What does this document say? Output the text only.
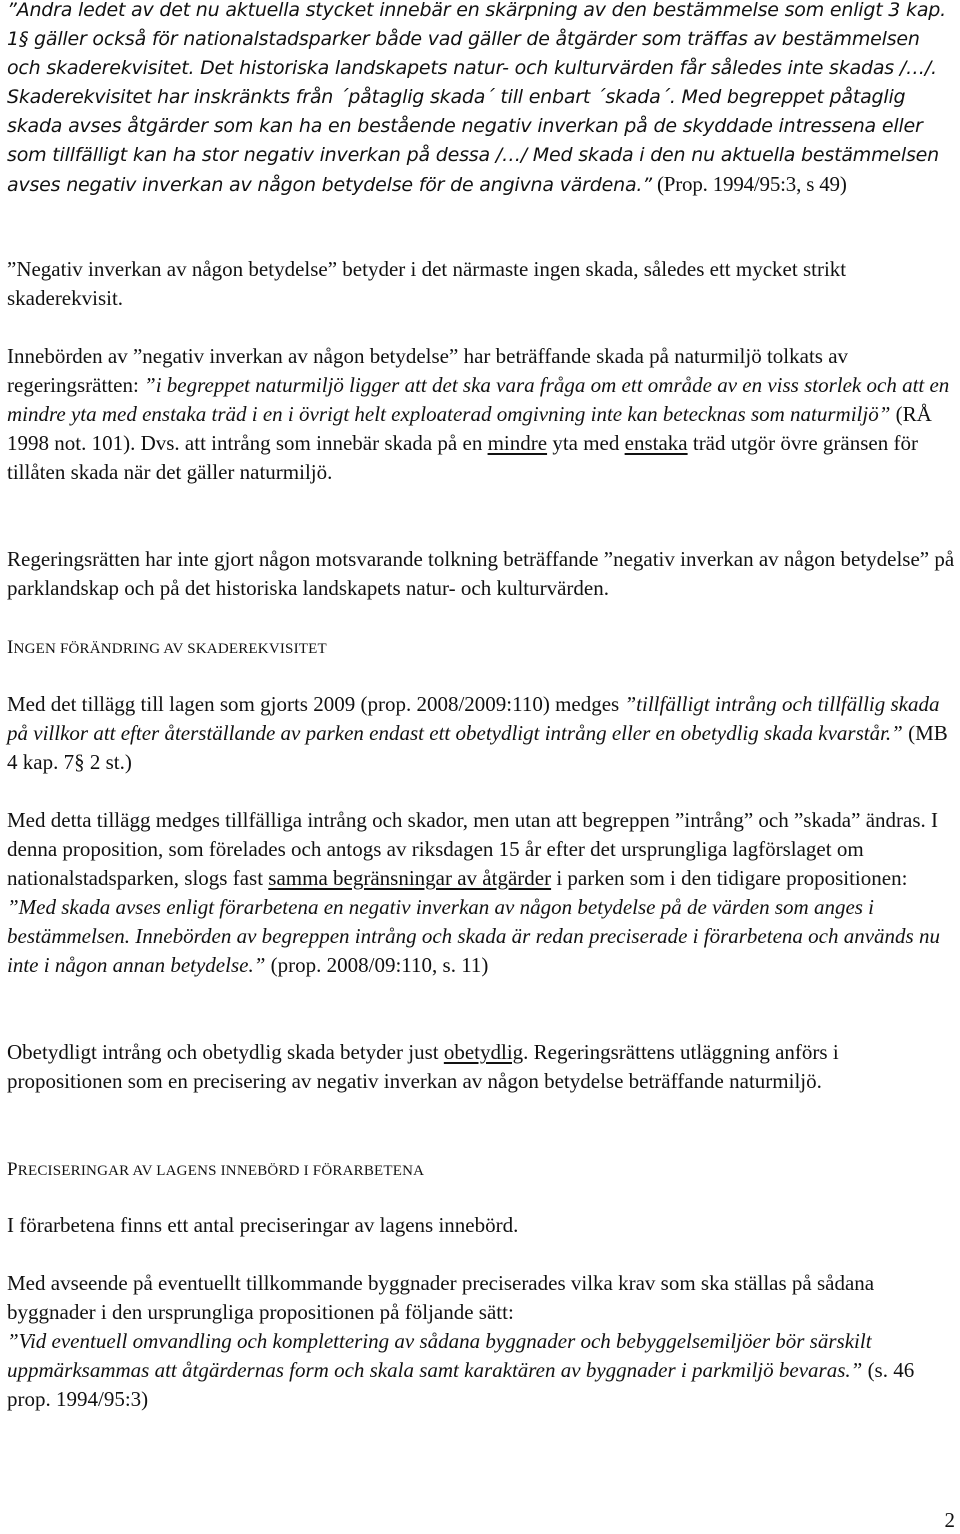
”Andra ledet av det nu aktuella stycket innebär en skärpning av den bestämmelse som enligt 3 kap. 1§ gäller också för nationalstadsparker både vad gäller de åtgärder som träffas av bestämmelsen och skaderekvisitet. Det historiska landskapets natur- och kulturvärden får således inte skadas /…/. Skaderekvisitet har inskränkts från ´påtaglig skada´ till enbart ´skada´. Med begreppet påtaglig skada avses åtgärder som kan ha en bestående negativ inverkan på de skyddade intressena eller som tillfälligt kan ha stor negativ inverkan på dessa /…/ Med skada i den nu aktuella bestämmelsen avses negativ inverkan av någon betydelse för de angivna värdena.” (Prop. 1994/95:3, s 49)

”Negativ inverkan av någon betydelse” betyder i det närmaste ingen skada, således ett mycket strikt skaderekvisit.

Innebörden av ”negativ inverkan av någon betydelse” har beträffande skada på naturmiljö tolkats av regeringsrätten: ”i begreppet naturmiljö ligger att det ska vara fråga om ett område av en viss storlek och att en mindre yta med enstaka träd i en i övrigt helt exploaterad omgivning inte kan betecknas som naturmiljö” (RÅ 1998 not. 101). Dvs. att intrång som innebär skada på en mindre yta med enstaka träd utgör övre gränsen för tillåten skada när det gäller naturmiljö.

Regeringsrätten har inte gjort någon motsvarande tolkning beträffande ”negativ inverkan av någon betydelse” på parklandskap och på det historiska landskapets natur- och kulturvärden.

INGEN FÖRÄNDRING AV SKADEREKVISITET

Med det tillägg till lagen som gjorts 2009 (prop. 2008/2009:110) medges ”tillfälligt intrång och tillfällig skada på villkor att efter återställande av parken endast ett obetydligt intrång eller en obetydlig skada kvarstår.” (MB 4 kap. 7§ 2 st.)

Med detta tillägg medges tillfälliga intrång och skador, men utan att begreppen ”intrång” och ”skada” ändras. I denna proposition, som förelades och antogs av riksdagen 15 år efter det ursprungliga lagförslaget om nationalstadsparken, slogs fast samma begränsningar av åtgärder i parken som i den tidigare propositionen:
”Med skada avses enligt förarbetena en negativ inverkan av någon betydelse på de värden som anges i bestämmelsen. Innebörden av begreppen intrång och skada är redan preciserade i förarbetena och används nu inte i någon annan betydelse.” (prop. 2008/09:110, s. 11)

Obetydligt intrång och obetydlig skada betyder just obetydlig. Regeringsrättens utläggning anförs i propositionen som en precisering av negativ inverkan av någon betydelse beträffande naturmiljö.

PRECISERINGAR AV LAGENS INNEBÖRD I FÖRARBETENA

I förarbetena finns ett antal preciseringar av lagens innebörd.

Med avseende på eventuellt tillkommande byggnader preciserades vilka krav som ska ställas på sådana byggnader i den ursprungliga propositionen på följande sätt:
”Vid eventuell omvandling och komplettering av sådana byggnader och bebyggelsemiljöer bör särskilt uppmärksammas att åtgärdernas form och skala samt karaktären av byggnader i parkmiljö bevaras.” (s. 46 prop. 1994/95:3)

2
